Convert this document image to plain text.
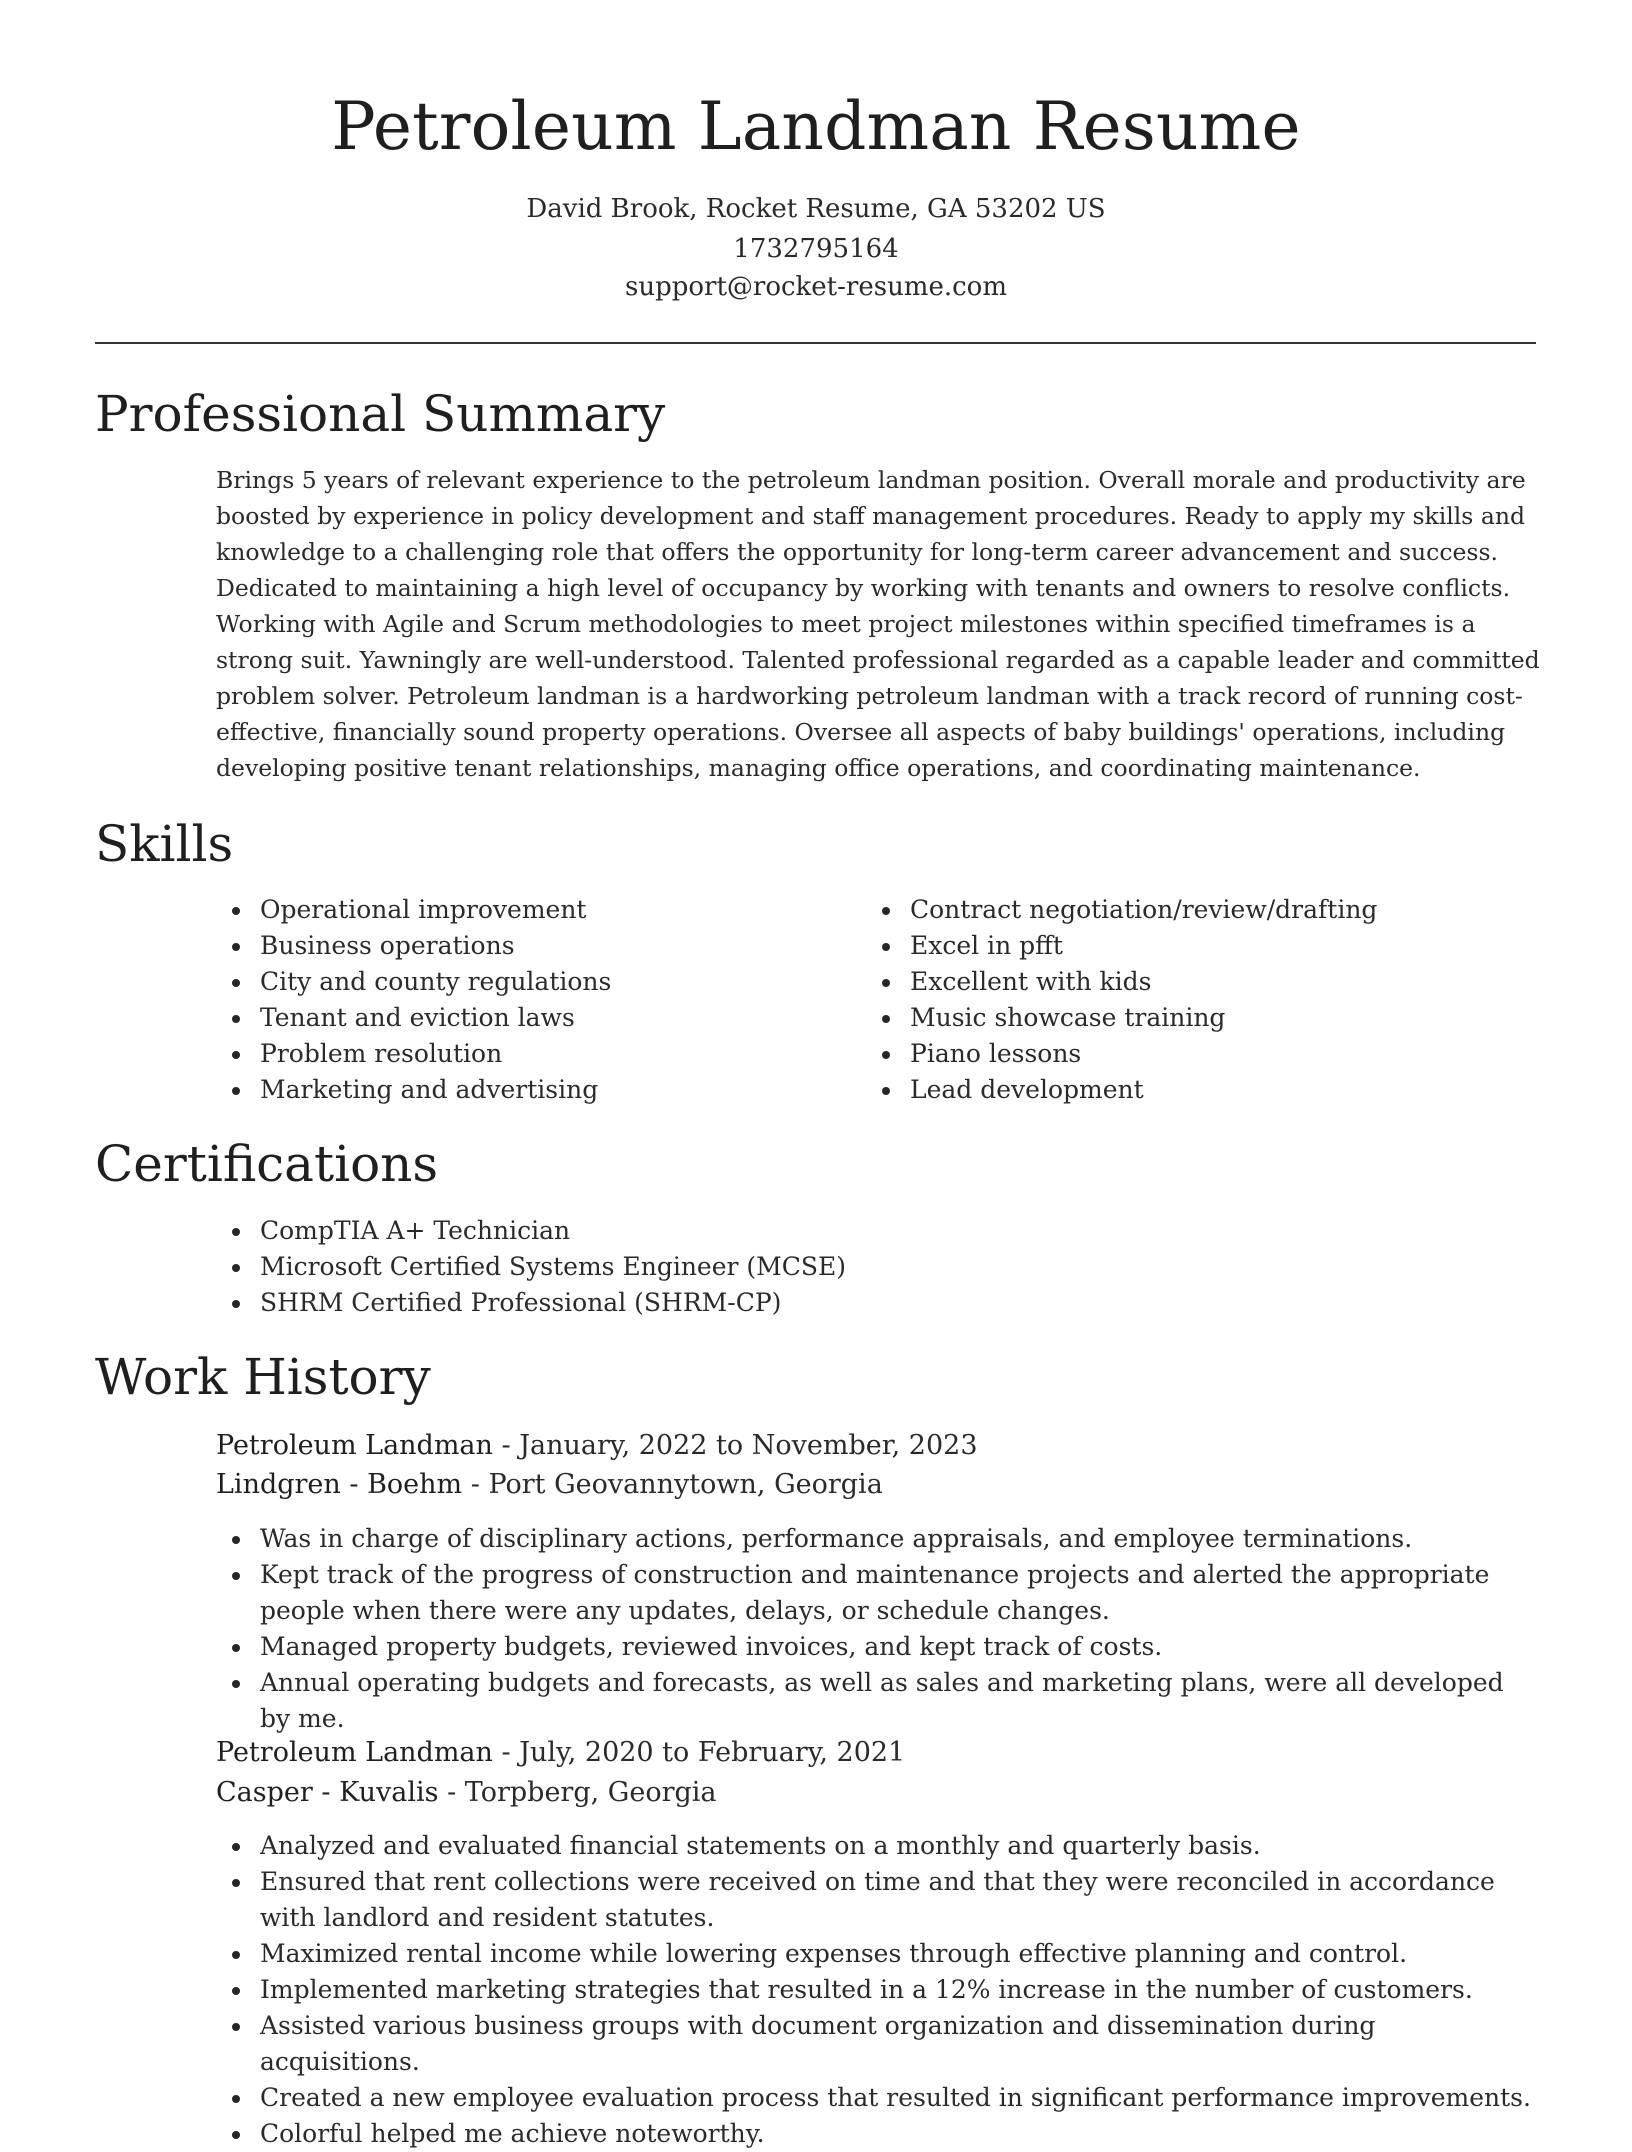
Petroleum Landman Resume
David Brook, Rocket Resume, GA 53202 US
1732795164
support@rocket-resume.com
Professional Summary

Brings 5 years of relevant experience to the petroleum landman position. Overall morale and productivity are boosted by experience in policy development and staff management procedures. Ready to apply my skills and knowledge to a challenging role that offers the opportunity for long-term career advancement and success. Dedicated to maintaining a high level of occupancy by working with tenants and owners to resolve conflicts. Working with Agile and Scrum methodologies to meet project milestones within specified timeframes is a strong suit. Yawningly are well-understood. Talented professional regarded as a capable leader and committed problem solver. Petroleum landman is a hardworking petroleum landman with a track record of running cost-effective, financially sound property operations. Oversee all aspects of baby buildings' operations, including developing positive tenant relationships, managing office operations, and coordinating maintenance.

Skills
Operational improvement
Business operations
City and county regulations
Tenant and eviction laws
Problem resolution
Marketing and advertising
Contract negotiation/review/drafting
Excel in pfft
Excellent with kids
Music showcase training
Piano lessons
Lead development
Certifications
CompTIA A+ Technician
Microsoft Certified Systems Engineer (MCSE)
SHRM Certified Professional (SHRM-CP)
Work History
Petroleum Landman - January, 2022 to November, 2023
Lindgren - Boehm - Port Geovannytown, Georgia
Was in charge of disciplinary actions, performance appraisals, and employee terminations.
Kept track of the progress of construction and maintenance projects and alerted the appropriate people when there were any updates, delays, or schedule changes.
Managed property budgets, reviewed invoices, and kept track of costs.
Annual operating budgets and forecasts, as well as sales and marketing plans, were all developed by me.
Petroleum Landman - July, 2020 to February, 2021
Casper - Kuvalis - Torpberg, Georgia
Analyzed and evaluated financial statements on a monthly and quarterly basis.
Ensured that rent collections were received on time and that they were reconciled in accordance with landlord and resident statutes.
Maximized rental income while lowering expenses through effective planning and control.
Implemented marketing strategies that resulted in a 12% increase in the number of customers.
Assisted various business groups with document organization and dissemination during acquisitions.
Created a new employee evaluation process that resulted in significant performance improvements.
Colorful helped me achieve noteworthy.
